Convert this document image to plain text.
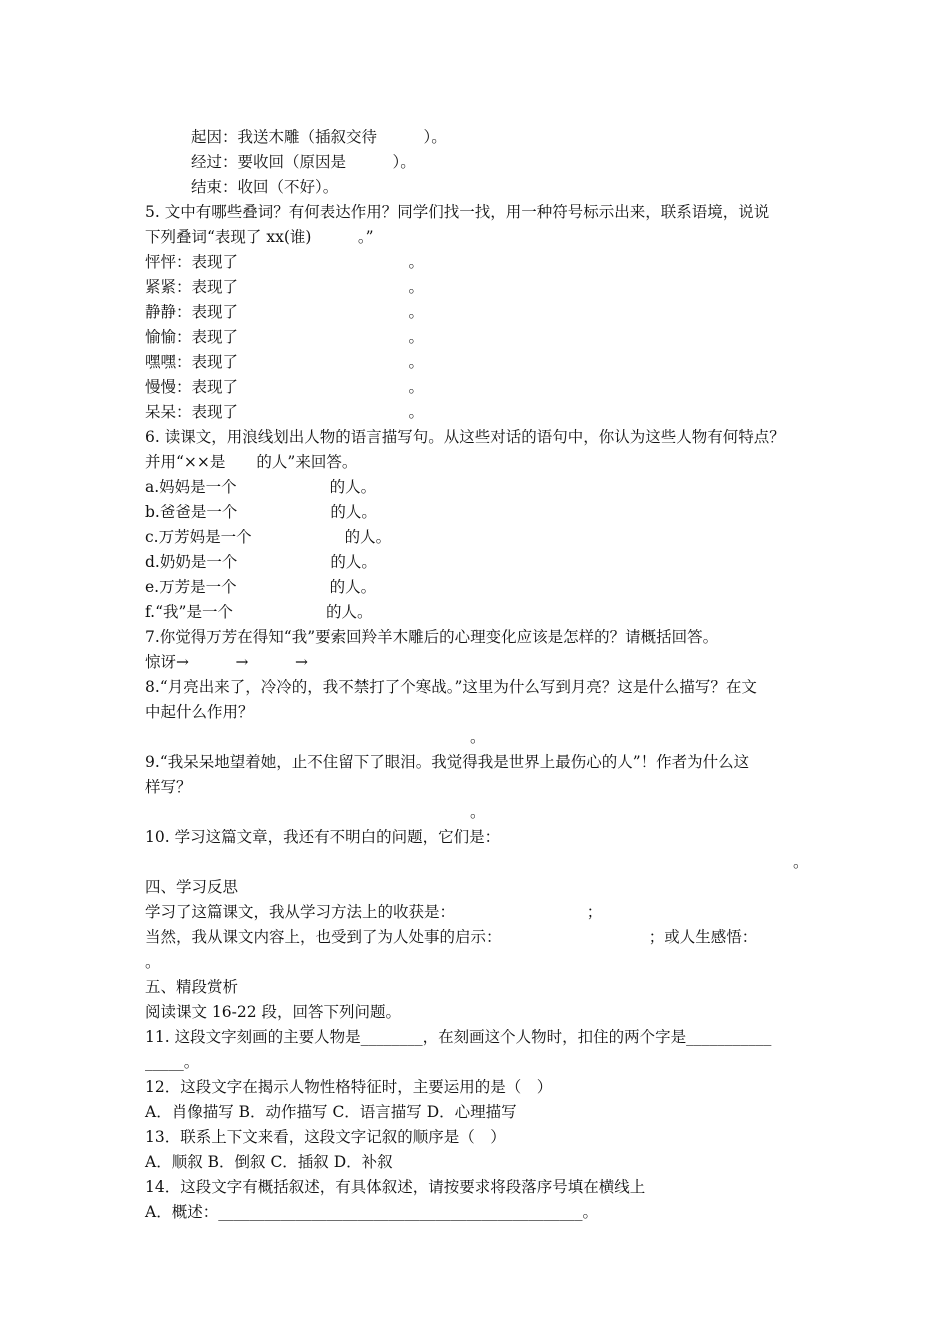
起因：我送木雕（插叙交待　　　）。
经过：要收回（原因是　　　）。
结束：收回（不好）。
5. 文中有哪些叠词？有何表达作用？同学们找一找，用一种符号标示出来，联系语境，说说
下列叠词“表现了 xx(谁)　　　。”
怦怦：表现了　　　　　　　　　　　。
紧紧：表现了　　　　　　　　　　　。
静静：表现了　　　　　　　　　　　。
愉愉：表现了　　　　　　　　　　　。
嘿嘿：表现了　　　　　　　　　　　。
慢慢：表现了　　　　　　　　　　　。
呆呆：表现了　　　　　　　　　　　。
6. 读课文，用浪线划出人物的语言描写句。从这些对话的语句中，你认为这些人物有何特点？
并用“××是　　的人”来回答。
a.妈妈是一个　　　　　　的人。
b.爸爸是一个　　　　　　的人。
c.万芳妈是一个　　　　　　的人。
d.奶奶是一个　　　　　　的人。
e.万芳是一个　　　　　　的人。
f.“我”是一个　　　　　　的人。
7.你觉得万芳在得知“我”要索回羚羊木雕后的心理变化应该是怎样的？请概括回答。
惊讶→　　　→　　　→
8.“月亮出来了，冷冷的，我不禁打了个寒战。”这里为什么写到月亮？这是什么描写？在文
中起什么作用？
。
9.“我呆呆地望着她，止不住留下了眼泪。我觉得我是世界上最伤心的人”！作者为什么这
样写？
。
10. 学习这篇文章，我还有不明白的问题，它们是：
。
四、学习反思
学习了这篇课文，我从学习方法上的收获是：　　　　　　　　　；
当然，我从课文内容上，也受到了为人处事的启示：　　　　　　　　　　；或人生感悟：
。
五、精段赏析
阅读课文 16-22 段，回答下列问题。
11. 这段文字刻画的主要人物是________，在刻画这个人物时，扣住的两个字是___________
_____。
12．这段文字在揭示人物性格特征时，主要运用的是（　）
A．肖像描写 B．动作描写 C．语言描写 D．心理描写
13．联系上下文来看，这段文字记叙的顺序是（　）
A．顺叙 B．倒叙 C．插叙 D．补叙
14．这段文字有概括叙述，有具体叙述，请按要求将段落序号填在横线上
A．概述：_______________________________________________。
